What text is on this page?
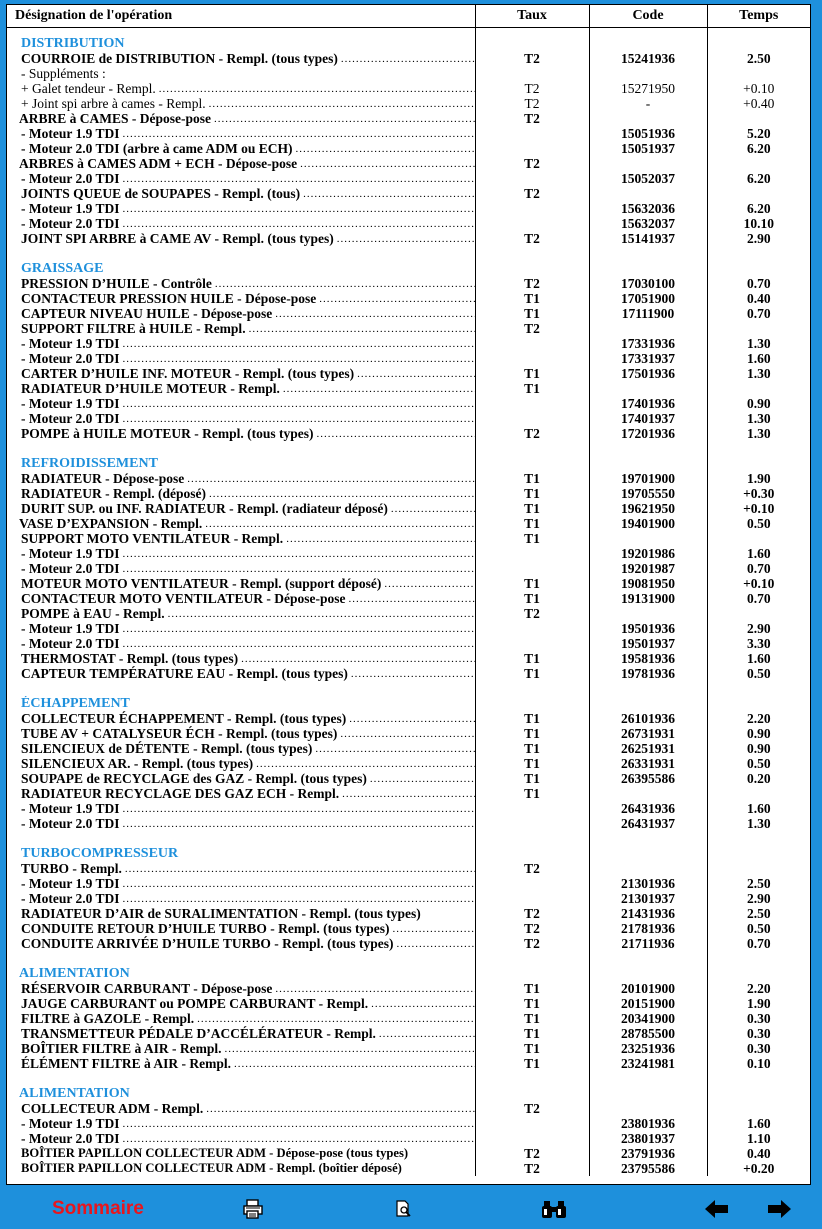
Désignation de l'opération	Taux	Code	Temps

DISTRIBUTION			

COURROIE de DISTRIBUTION - Rempl. (tous types)
.....	T2	15241936	2.50

- Suppléments :			

+ Galet tendeur - Rempl.
.....	T2	15271950	+0.10

+ Joint spi arbre à cames - Rempl.
.....	T2	-	+0.40

ARBRE à CAMES - Dépose-pose
.....	T2		

- Moteur 1.9 TDI
.....		15051936	5.20

- Moteur 2.0 TDI (arbre à came ADM ou ECH)
.....		15051937	6.20

ARBRES à CAMES ADM + ECH - Dépose-pose
.....	T2		

- Moteur 2.0 TDI
.....		15052037	6.20

JOINTS QUEUE de SOUPAPES - Rempl. (tous)
.....	T2		

- Moteur 1.9 TDI
.....		15632036	6.20

- Moteur 2.0 TDI
.....		15632037	10.10

JOINT SPI ARBRE à CAME AV - Rempl. (tous types)
.....	T2	15141937	2.90

GRAISSAGE			

PRESSION D’HUILE - Contrôle
.....	T2	17030100	0.70

CONTACTEUR PRESSION HUILE - Dépose-pose
.....	T1	17051900	0.40

CAPTEUR NIVEAU HUILE - Dépose-pose
.....	T1	17111900	0.70

SUPPORT FILTRE à HUILE - Rempl.
.....	T2		

- Moteur 1.9 TDI
.....		17331936	1.30

- Moteur 2.0 TDI
.....		17331937	1.60

CARTER D’HUILE INF. MOTEUR - Rempl. (tous types)
.....	T1	17501936	1.30

RADIATEUR D’HUILE MOTEUR - Rempl.
.....	T1		

- Moteur 1.9 TDI
.....		17401936	0.90

- Moteur 2.0 TDI
.....		17401937	1.30

POMPE à HUILE MOTEUR - Rempl. (tous types)
.....	T2	17201936	1.30

REFROIDISSEMENT			

RADIATEUR - Dépose-pose
.....	T1	19701900	1.90

RADIATEUR - Rempl. (déposé)
.....	T1	19705550	+0.30

DURIT SUP. ou INF. RADIATEUR - Rempl. (radiateur déposé)
.....	T1	19621950	+0.10

VASE D’EXPANSION - Rempl.
.....	T1	19401900	0.50

SUPPORT MOTO VENTILATEUR - Rempl.
.....	T1		

- Moteur 1.9 TDI
.....		19201986	1.60

- Moteur 2.0 TDI
.....		19201987	0.70

MOTEUR MOTO VENTILATEUR - Rempl. (support déposé)
.....	T1	19081950	+0.10

CONTACTEUR MOTO VENTILATEUR - Dépose-pose
.....	T1	19131900	0.70

POMPE à EAU - Rempl.
.....	T2		

- Moteur 1.9 TDI
.....		19501936	2.90

- Moteur 2.0 TDI
.....		19501937	3.30

THERMOSTAT - Rempl. (tous types)
.....	T1	19581936	1.60

CAPTEUR TEMPÉRATURE EAU - Rempl. (tous types)
.....	T1	19781936	0.50

ÉCHAPPEMENT			

COLLECTEUR ÉCHAPPEMENT - Rempl. (tous types)
.....	T1	26101936	2.20

TUBE AV + CATALYSEUR ÉCH - Rempl. (tous types)
.....	T1	26731931	0.90

SILENCIEUX de DÉTENTE - Rempl. (tous types)
.....	T1	26251931	0.90

SILENCIEUX AR. - Rempl. (tous types)
.....	T1	26331931	0.50

SOUPAPE de RECYCLAGE des GAZ - Rempl. (tous types)
.....	T1	26395586	0.20

RADIATEUR RECYCLAGE DES GAZ ECH - Rempl.
.....	T1		

- Moteur 1.9 TDI
.....		26431936	1.60

- Moteur 2.0 TDI
.....		26431937	1.30

TURBOCOMPRESSEUR			

TURBO - Rempl.
.....	T2		

- Moteur 1.9 TDI
.....		21301936	2.50

- Moteur 2.0 TDI
.....		21301937	2.90

RADIATEUR D’AIR de SURALIMENTATION - Rempl. (tous types)	T2	21431936	2.50

CONDUITE RETOUR D’HUILE TURBO - Rempl. (tous types)
.....	T2	21781936	0.50

CONDUITE ARRIVÉE D’HUILE TURBO - Rempl. (tous types)
.....	T2	21711936	0.70

ALIMENTATION			

RÉSERVOIR CARBURANT - Dépose-pose
.....	T1	20101900	2.20

JAUGE CARBURANT ou POMPE CARBURANT - Rempl.
.....	T1	20151900	1.90

FILTRE à GAZOLE - Rempl.
.....	T1	20341900	0.30

TRANSMETTEUR PÉDALE D’ACCÉLÉRATEUR - Rempl.
.....	T1	28785500	0.30

BOÎTIER FILTRE à AIR - Rempl.
.....	T1	23251936	0.30

ÉLÉMENT FILTRE à AIR - Rempl.
.....	T1	23241981	0.10

ALIMENTATION			

COLLECTEUR ADM - Rempl.
.....	T2		

- Moteur 1.9 TDI
.....		23801936	1.60

- Moteur 2.0 TDI
.....		23801937	1.10

BOÎTIER PAPILLON COLLECTEUR ADM - Dépose-pose (tous types)	T2	23791936	0.40

BOÎTIER PAPILLON COLLECTEUR ADM - Rempl. (boîtier déposé)	T2	23795586	+0.20
Sommaire
